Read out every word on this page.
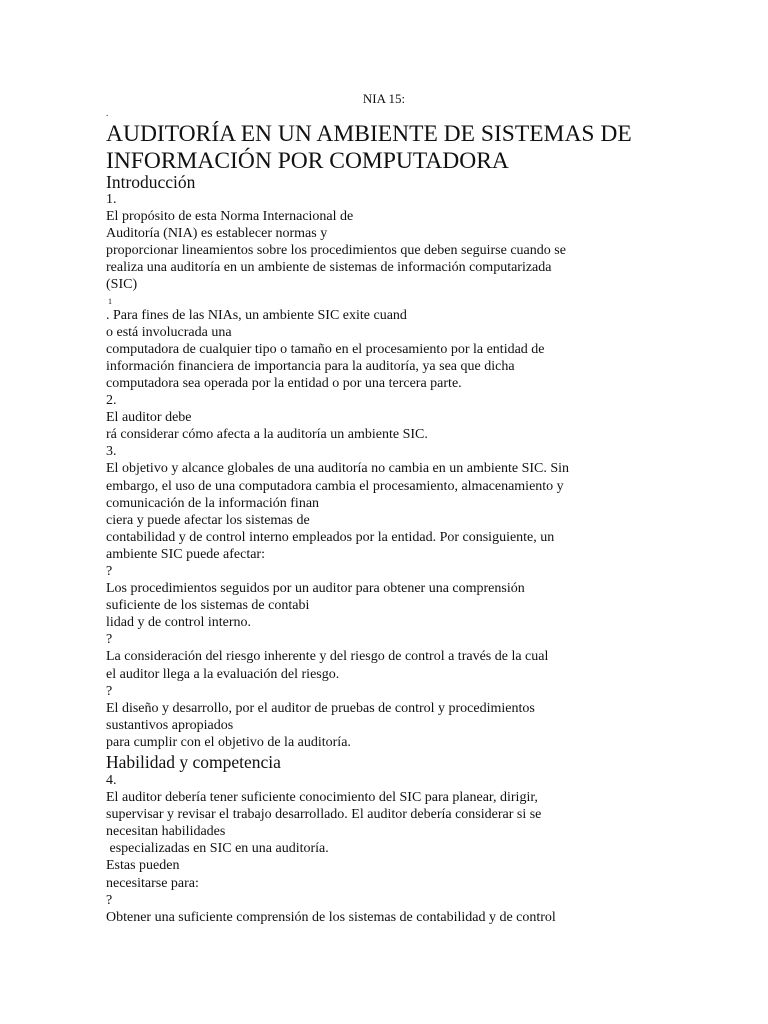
NIA 15:
.
AUDITORÍA EN UN AMBIENTE DE SISTEMAS DE
INFORMACIÓN POR COMPUTADORA
Introducción
1.
El propósito de esta Norma Internacional de
Auditoría (NIA) es establecer normas y
proporcionar lineamientos sobre los procedimientos que deben seguirse cuando se
realiza una auditoría en un ambiente de sistemas de información computarizada
(SIC)
1
. Para fines de las NIAs, un ambiente SIC exite cuand
o está involucrada una
computadora de cualquier tipo o tamaño en el procesamiento por la entidad de
información financiera de importancia para la auditoría, ya sea que dicha
computadora sea operada por la entidad o por una tercera parte.
2.
El auditor debe
rá considerar cómo afecta a la auditoría un ambiente SIC.
3.
El objetivo y alcance globales de una auditoría no cambia en un ambiente SIC. Sin
embargo, el uso de una computadora cambia el procesamiento, almacenamiento y
comunicación de la información finan
ciera y puede afectar los sistemas de
contabilidad y de control interno empleados por la entidad. Por consiguiente, un
ambiente SIC puede afectar:
?
Los procedimientos seguidos por un auditor para obtener una comprensión
suficiente de los sistemas de contabi
lidad y de control interno.
?
La consideración del riesgo inherente y del riesgo de control a través de la cual
el auditor llega a la evaluación del riesgo.
?
El diseño y desarrollo, por el auditor de pruebas de control y procedimientos
sustantivos apropiados
para cumplir con el objetivo de la auditoría.
Habilidad y competencia
4.
El auditor debería tener suficiente conocimiento del SIC para planear, dirigir,
supervisar y revisar el trabajo desarrollado. El auditor debería considerar si se
necesitan habilidades
especializadas en SIC en una auditoría.
Estas pueden
necesitarse para:
?
Obtener una suficiente comprensión de los sistemas de contabilidad y de control
